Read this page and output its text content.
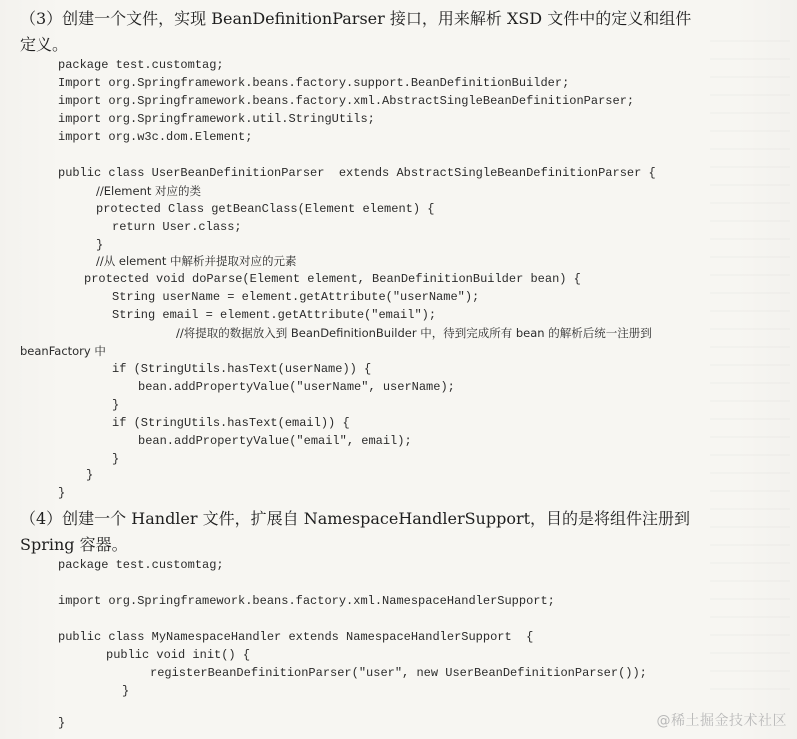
（3）创建一个文件，实现 BeanDefinitionParser 接口，用来解析 XSD 文件中的定义和组件
定义。

package test.customtag;
Import org.Springframework.beans.factory.support.BeanDefinitionBuilder;
import org.Springframework.beans.factory.xml.AbstractSingleBeanDefinitionParser;
import org.Springframework.util.StringUtils;
import org.w3c.dom.Element;
public class UserBeanDefinitionParser  extends AbstractSingleBeanDefinitionParser {
//Element 对应的类
protected Class getBeanClass(Element element) {
return User.class;
}
//从 element 中解析并提取对应的元素
protected void doParse(Element element, BeanDefinitionBuilder bean) {
String userName = element.getAttribute("userName");
String email = element.getAttribute("email");
//将提取的数据放入到 BeanDefinitionBuilder 中，待到完成所有 bean 的解析后统一注册到
beanFactory 中
if (StringUtils.hasText(userName)) {
bean.addPropertyValue("userName", userName);
}
if (StringUtils.hasText(email)) {
bean.addPropertyValue("email", email);
}
}
}

（4）创建一个 Handler 文件，扩展自 NamespaceHandlerSupport，目的是将组件注册到
Spring 容器。

package test.customtag;
import org.Springframework.beans.factory.xml.NamespaceHandlerSupport;
public class MyNamespaceHandler extends NamespaceHandlerSupport  {
public void init() {
registerBeanDefinitionParser("user", new UserBeanDefinitionParser());
}
}	@稀土掘金技术社区
